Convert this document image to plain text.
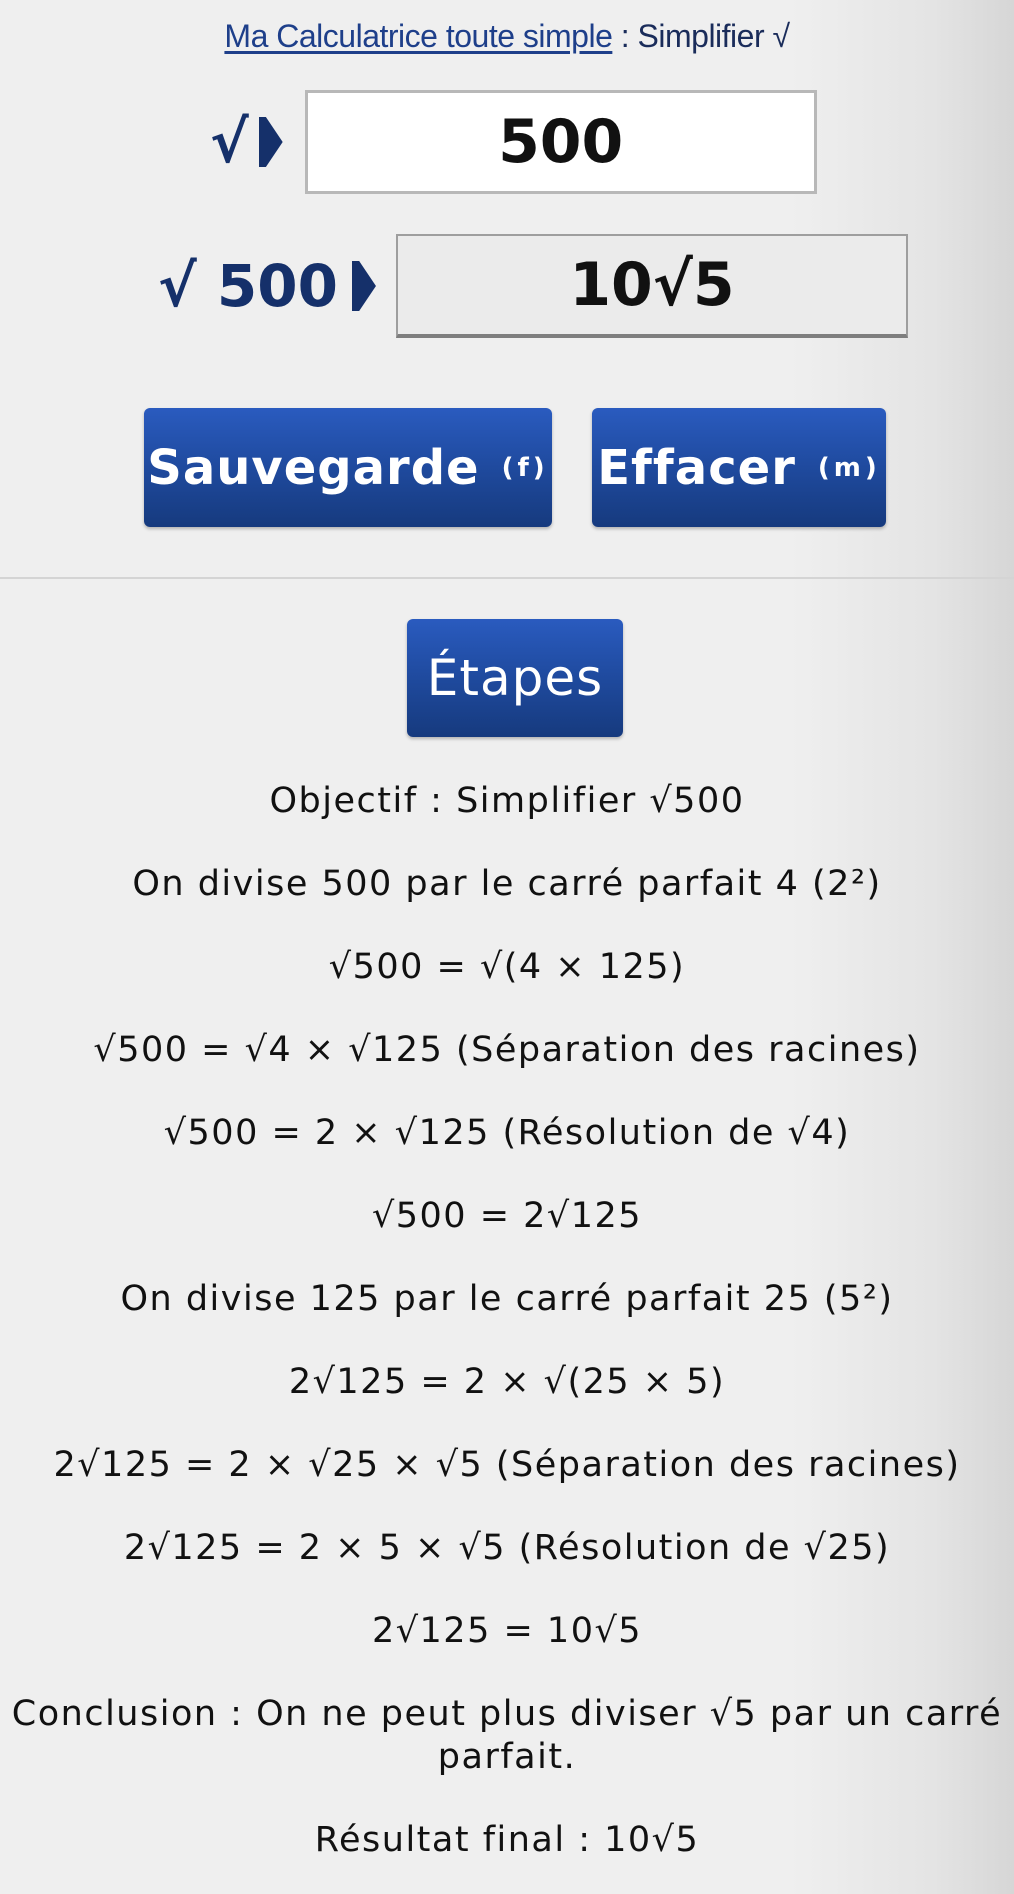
Ma Calculatrice toute simple : Simplifier √
√
500
√ 500	10√5
Sauvegarde (f) Effacer (m)
Étapes

Objectif : Simplifier √500

On divise 500 par le carré parfait 4 (2²)

√500 = √(4 × 125)

√500 = √4 × √125 (Séparation des racines)

√500 = 2 × √125 (Résolution de √4)

√500 = 2√125

On divise 125 par le carré parfait 25 (5²)

2√125 = 2 × √(25 × 5)

2√125 = 2 × √25 × √5 (Séparation des racines)

2√125 = 2 × 5 × √5 (Résolution de √25)

2√125 = 10√5

Conclusion : On ne peut plus diviser √5 par un carré parfait.

Résultat final : 10√5
